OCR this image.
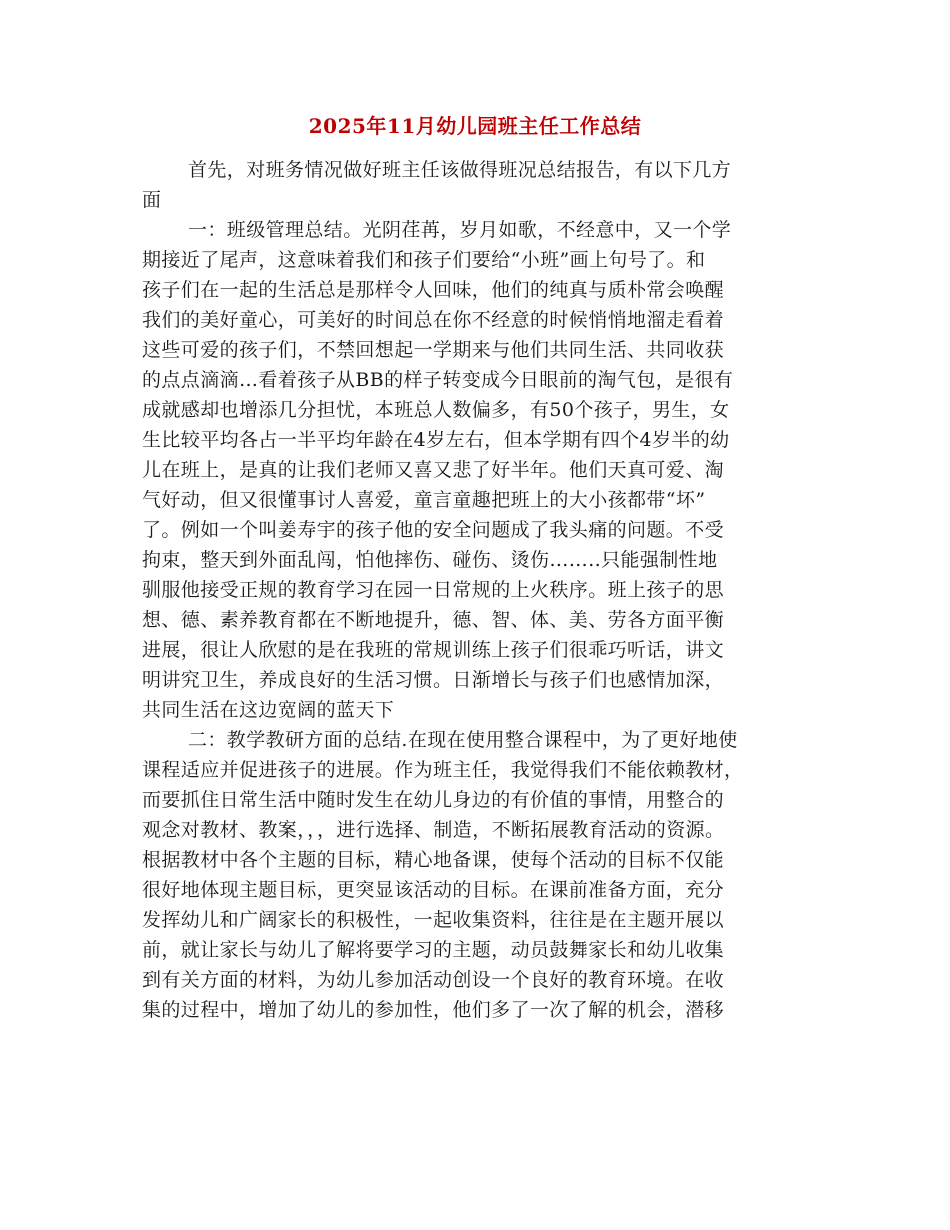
2025年11月幼儿园班主任工作总结
首先，对班务情况做好班主任该做得班况总结报告，有以下几方
面
一：班级管理总结。光阴荏苒，岁月如歌，不经意中，又一个学
期接近了尾声，这意味着我们和孩子们要给“小班”画上句号了。和
孩子们在一起的生活总是那样令人回味，他们的纯真与质朴常会唤醒
我们的美好童心，可美好的时间总在你不经意的时候悄悄地溜走看着
这些可爱的孩子们，不禁回想起一学期来与他们共同生活、共同收获
的点点滴滴…看着孩子从BB的样子转变成今日眼前的淘气包，是很有
成就感却也增添几分担忧，本班总人数偏多，有50个孩子，男生，女
生比较平均各占一半平均年龄在4岁左右，但本学期有四个4岁半的幼
儿在班上，是真的让我们老师又喜又悲了好半年。他们天真可爱、淘
气好动，但又很懂事讨人喜爱，童言童趣把班上的大小孩都带“坏”
了。例如一个叫姜寿宇的孩子他的安全问题成了我头痛的问题。不受
拘束，整天到外面乱闯，怕他摔伤、碰伤、烫伤……..只能强制性地
驯服他接受正规的教育学习在园一日常规的上火秩序。班上孩子的思
想、德、素养教育都在不断地提升，德、智、体、美、劳各方面平衡
进展，很让人欣慰的是在我班的常规训练上孩子们很乖巧听话，讲文
明讲究卫生，养成良好的生活习惯。日渐增长与孩子们也感情加深，
共同生活在这边宽阔的蓝天下
二：教学教研方面的总结.在现在使用整合课程中，为了更好地使
课程适应并促进孩子的进展。作为班主任，我觉得我们不能依赖教材，
而要抓住日常生活中随时发生在幼儿身边的有价值的事情，用整合的
观念对教材、教案，，，进行选择、制造，不断拓展教育活动的资源。
根据教材中各个主题的目标，精心地备课，使每个活动的目标不仅能
很好地体现主题目标，更突显该活动的目标。在课前准备方面，充分
发挥幼儿和广阔家长的积极性，一起收集资料，往往是在主题开展以
前，就让家长与幼儿了解将要学习的主题，动员鼓舞家长和幼儿收集
到有关方面的材料，为幼儿参加活动创设一个良好的教育环境。在收
集的过程中，增加了幼儿的参加性，他们多了一次了解的机会，潜移
